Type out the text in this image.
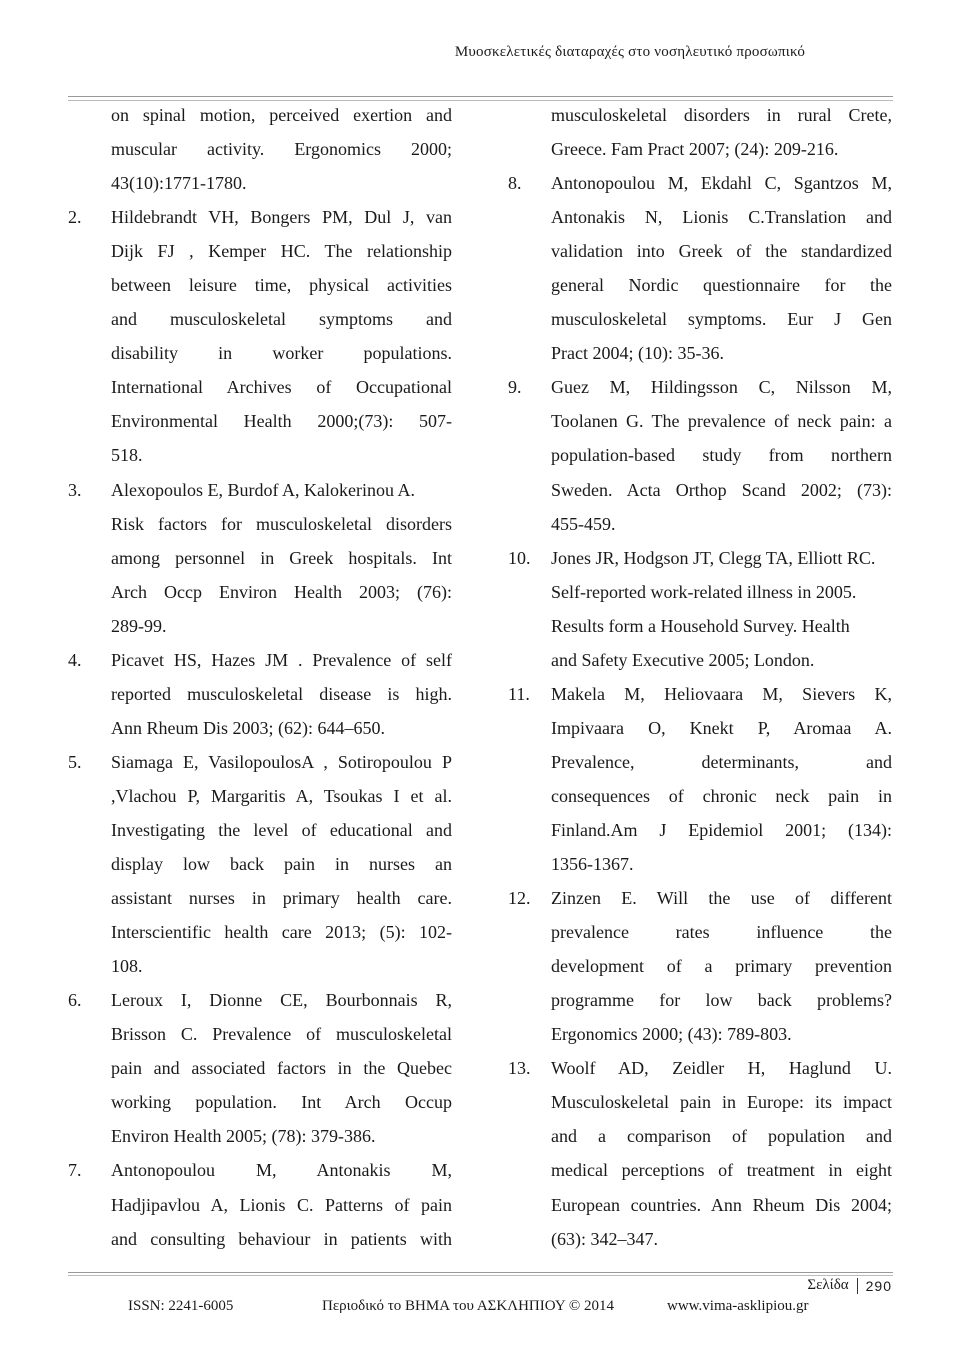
Μυοσκελετικές διαταραχές στο νοσηλευτικό προσωπικό
on spinal motion, perceived exertion and
muscular activity. Ergonomics 2000;
43(10):1771-1780.
2.	Hildebrandt VH, Bongers PM, Dul J, van
Dijk FJ , Kemper HC. The relationship
between leisure time, physical activities
and musculoskeletal symptoms and
disability in worker populations.
International Archives of Occupational
Environmental Health 2000;(73): 507-
518.
3.	Alexopoulos E, Burdof A, Kalokerinou A.
Risk factors for musculoskeletal disorders
among personnel in Greek hospitals. Int
Arch Occp Environ Health 2003; (76):
289-99.
4.	Picavet HS, Hazes JM . Prevalence of self
reported musculoskeletal disease is high.
Ann Rheum Dis 2003; (62): 644–650.
5.	Siamaga E, VasilopoulosA , Sotiropoulou P
,Vlachou P, Margaritis A, Tsoukas I et al.
Investigating the level of educational and
display low back pain in nurses an
assistant nurses in primary health care.
Interscientific health care 2013; (5): 102-
108.
6.	Leroux I, Dionne CE, Bourbonnais R,
Brisson C. Prevalence of musculoskeletal
pain and associated factors in the Quebec
working population. Int Arch Occup
Environ Health 2005; (78): 379-386.
7.	Antonopoulou M, Antonakis M,
Hadjipavlou A, Lionis C. Patterns of pain
and consulting behaviour in patients with
musculoskeletal disorders in rural Crete,
Greece. Fam Pract 2007; (24): 209-216.
8.	Antonopoulou M, Ekdahl C, Sgantzos M,
Antonakis N, Lionis C.Translation and
validation into Greek of the standardized
general Nordic questionnaire for the
musculoskeletal symptoms. Eur J Gen
Pract 2004; (10): 35-36.
9.	Guez M, Hildingsson C, Nilsson M,
Toolanen G. The prevalence of neck pain: a
population-based study from northern
Sweden. Acta Orthop Scand 2002; (73):
455-459.
10.	Jones JR, Hodgson JT, Clegg TA, Elliott RC.
Self-reported work-related illness in 2005.
Results form a Household Survey. Health
and Safety Executive 2005; London.
11.	Makela M, Heliovaara M, Sievers K,
Impivaara O, Knekt P, Aromaa A.
Prevalence, determinants, and
consequences of chronic neck pain in
Finland.Am J Epidemiol 2001; (134):
1356-1367.
12.	Zinzen E. Will the use of different
prevalence rates influence the
development of a primary prevention
programme for low back problems?
Ergonomics 2000; (43): 789-803.
13.	Woolf AD, Zeidler H, Haglund U.
Musculoskeletal pain in Europe: its impact
and a comparison of population and
medical perceptions of treatment in eight
European countries. Ann Rheum Dis 2004;
(63): 342–347.
Σελίδα 290
ISSN: 2241-6005	Περιοδικό το ΒΗΜΑ του ΑΣΚΛΗΠΙΟΥ © 2014	www.vima-asklipiou.gr
